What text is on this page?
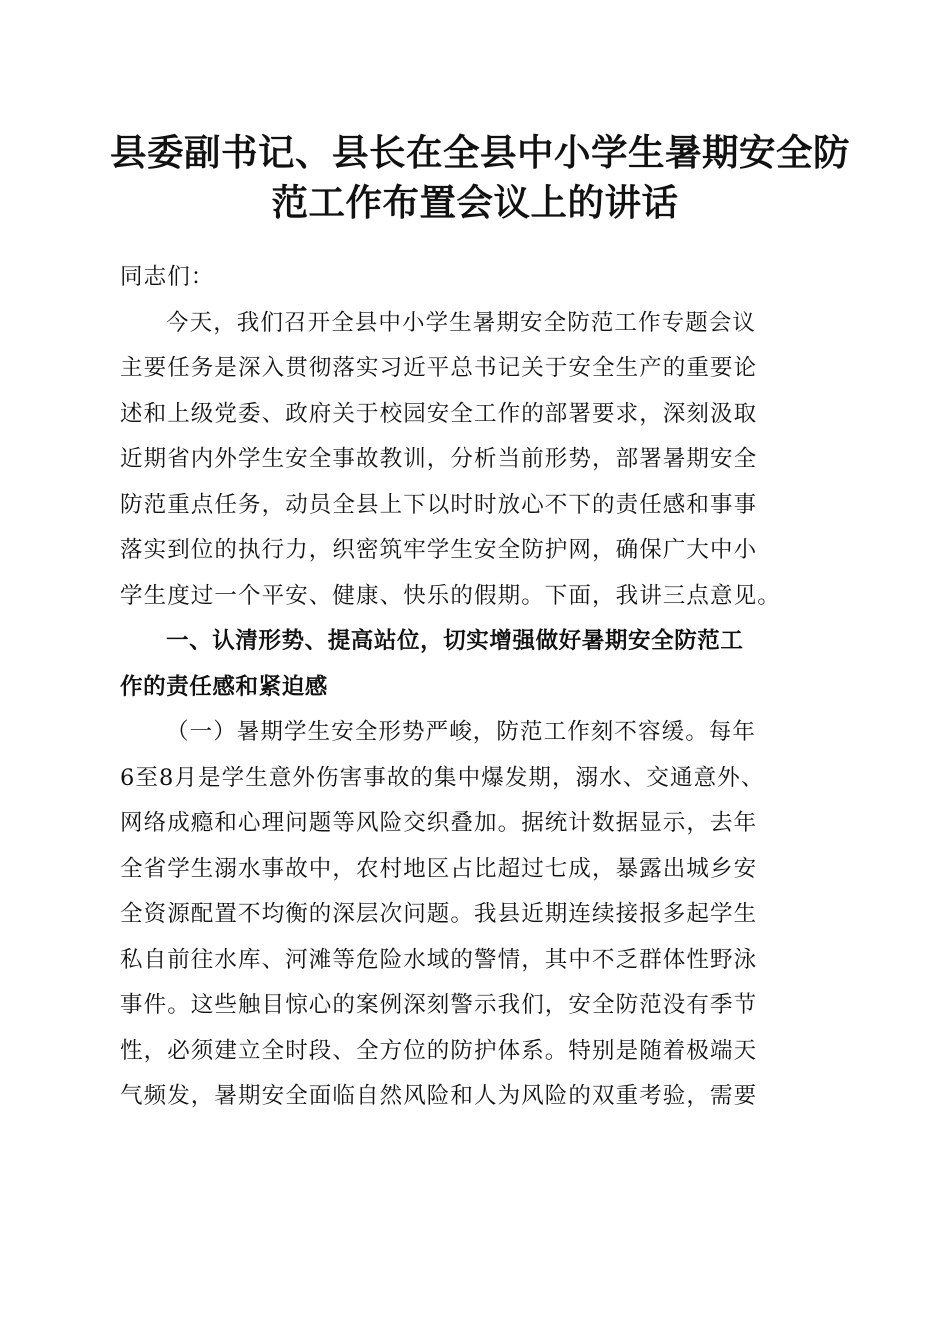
县委副书记、县长在全县中小学生暑期安全防
范工作布置会议上的讲话
同志们：
今天，我们召开全县中小学生暑期安全防范工作专题会议
主要任务是深入贯彻落实习近平总书记关于安全生产的重要论
述和上级党委、政府关于校园安全工作的部署要求，深刻汲取
近期省内外学生安全事故教训，分析当前形势，部署暑期安全
防范重点任务，动员全县上下以时时放心不下的责任感和事事
落实到位的执行力，织密筑牢学生安全防护网，确保广大中小
学生度过一个平安、健康、快乐的假期。下面，我讲三点意见。
一、认清形势、提高站位，切实增强做好暑期安全防范工
作的责任感和紧迫感
（一）暑期学生安全形势严峻，防范工作刻不容缓。每年
6至8月是学生意外伤害事故的集中爆发期，溺水、交通意外、
网络成瘾和心理问题等风险交织叠加。据统计数据显示，去年
全省学生溺水事故中，农村地区占比超过七成，暴露出城乡安
全资源配置不均衡的深层次问题。我县近期连续接报多起学生
私自前往水库、河滩等危险水域的警情，其中不乏群体性野泳
事件。这些触目惊心的案例深刻警示我们，安全防范没有季节
性，必须建立全时段、全方位的防护体系。特别是随着极端天
气频发，暑期安全面临自然风险和人为风险的双重考验，需要
